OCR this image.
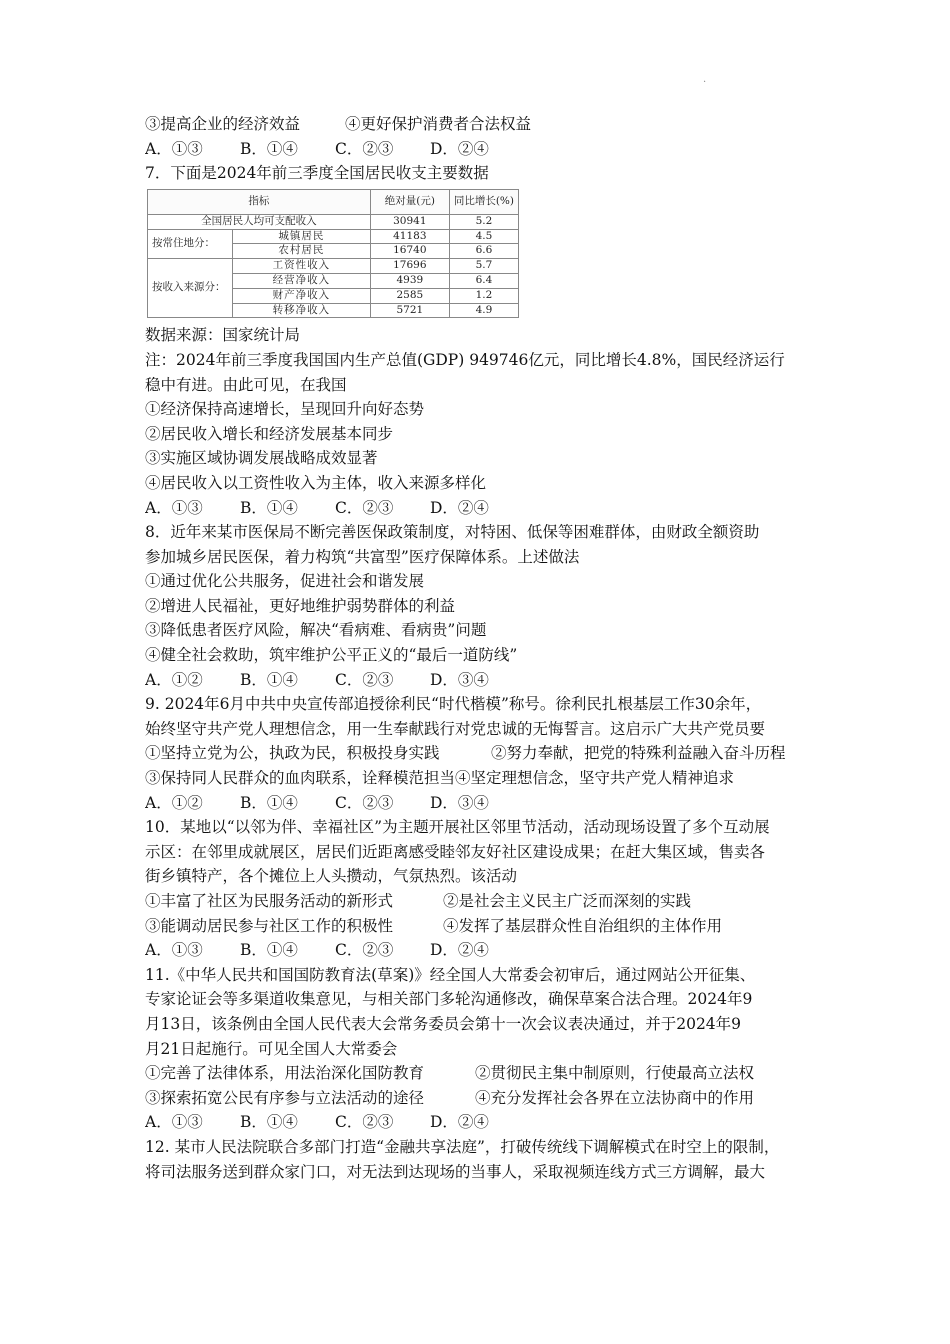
.
③提高企业的经济效益	④更好保护消费者合法权益
A．①③ B．①④ C．②③ D．②④
7．下面是2024年前三季度全国居民收支主要数据
指标		绝对量(元)	同比增长(%)
全国居民人均可支配收入		30941	5.2
按常住地分：	城镇居民	41183	4.5
	农村居民	16740	6.6
按收入来源分：	工资性收入	17696	5.7
	经营净收入	4939	6.4
	财产净收入	2585	1.2
	转移净收入	5721	4.9
数据来源：国家统计局
注：2024年前三季度我国国内生产总值(GDP) 949746亿元，同比增长4.8%，国民经济运行
稳中有进。由此可见，在我国
①经济保持高速增长，呈现回升向好态势
②居民收入增长和经济发展基本同步
③实施区域协调发展战略成效显著
④居民收入以工资性收入为主体，收入来源多样化
A．①③ B．①④ C．②③ D．②④
8．近年来某市医保局不断完善医保政策制度，对特困、低保等困难群体，由财政全额资助
参加城乡居民医保，着力构筑“共富型”医疗保障体系。上述做法
①通过优化公共服务，促进社会和谐发展
②增进人民福祉，更好地维护弱势群体的利益
③降低患者医疗风险，解决“看病难、看病贵”问题
④健全社会救助，筑牢维护公平正义的“最后一道防线”
A．①② B．①④ C．②③ D．③④
9. 2024年6月中共中央宣传部追授徐利民“时代楷模”称号。徐利民扎根基层工作30余年，
始终坚守共产党人理想信念，用一生奉献践行对党忠诚的无悔誓言。这启示广大共产党员要
①坚持立党为公，执政为民，积极投身实践	②努力奉献，把党的特殊利益融入奋斗历程
③保持同人民群众的血肉联系，诠释模范担当④坚定理想信念，坚守共产党人精神追求
A．①② B．①④ C．②③ D．③④
10．某地以“以邻为伴、幸福社区”为主题开展社区邻里节活动，活动现场设置了多个互动展
示区：在邻里成就展区，居民们近距离感受睦邻友好社区建设成果；在赶大集区域，售卖各
街乡镇特产，各个摊位上人头攒动，气氛热烈。该活动
①丰富了社区为民服务活动的新形式	②是社会主义民主广泛而深刻的实践
③能调动居民参与社区工作的积极性	④发挥了基层群众性自治组织的主体作用
A．①③ B．①④ C．②③ D．②④
11.《中华人民共和国国防教育法(草案)》经全国人大常委会初审后，通过网站公开征集、
专家论证会等多渠道收集意见，与相关部门多轮沟通修改，确保草案合法合理。2024年9
月13日，该条例由全国人民代表大会常务委员会第十一次会议表决通过，并于2024年9
月21日起施行。可见全国人大常委会
①完善了法律体系，用法治深化国防教育	②贯彻民主集中制原则，行使最高立法权
③探索拓宽公民有序参与立法活动的途径	④充分发挥社会各界在立法协商中的作用
A．①③ B．①④ C．②③ D．②④
12. 某市人民法院联合多部门打造“金融共享法庭”，打破传统线下调解模式在时空上的限制，
将司法服务送到群众家门口，对无法到达现场的当事人，采取视频连线方式三方调解，最大
